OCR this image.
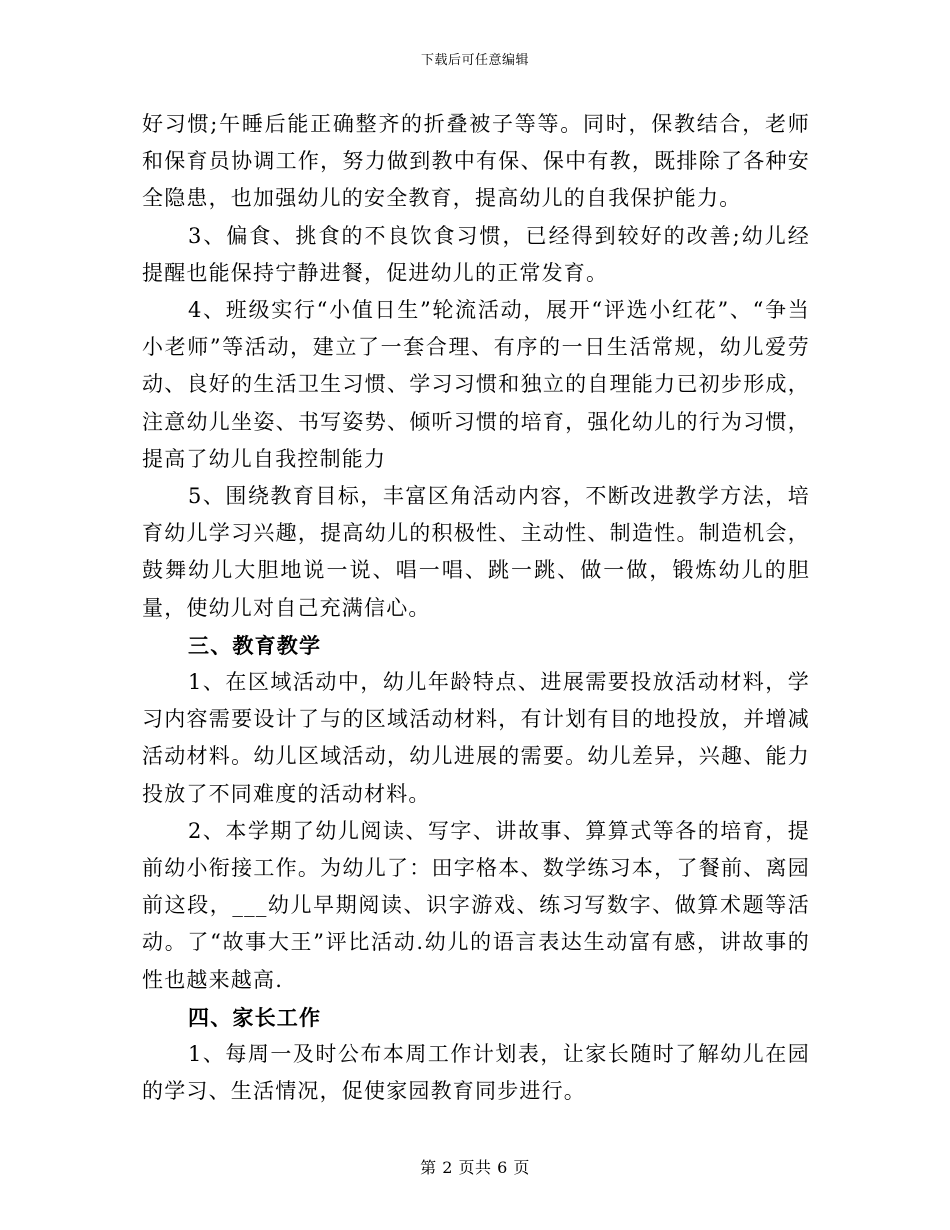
下载后可任意编辑

好习惯;午睡后能正确整齐的折叠被子等等。同时，保教结合，老师和保育员协调工作，努力做到教中有保、保中有教，既排除了各种安全隐患，也加强幼儿的安全教育，提高幼儿的自我保护能力。

3、偏食、挑食的不良饮食习惯，已经得到较好的改善;幼儿经提醒也能保持宁静进餐，促进幼儿的正常发育。

4、班级实行“小值日生”轮流活动，展开“评选小红花”、“争当小老师”等活动，建立了一套合理、有序的一日生活常规，幼儿爱劳动、良好的生活卫生习惯、学习习惯和独立的自理能力已初步形成，注意幼儿坐姿、书写姿势、倾听习惯的培育，强化幼儿的行为习惯，提高了幼儿自我控制能力

5、围绕教育目标，丰富区角活动内容，不断改进教学方法，培育幼儿学习兴趣，提高幼儿的积极性、主动性、制造性。制造机会，鼓舞幼儿大胆地说一说、唱一唱、跳一跳、做一做，锻炼幼儿的胆量，使幼儿对自己充满信心。

三、教育教学

1、在区域活动中，幼儿年龄特点、进展需要投放活动材料，学习内容需要设计了与的区域活动材料，有计划有目的地投放，并增减活动材料。幼儿区域活动，幼儿进展的需要。幼儿差异，兴趣、能力投放了不同难度的活动材料。

2、本学期了幼儿阅读、写字、讲故事、算算式等各的培育，提前幼小衔接工作。为幼儿了：田字格本、数学练习本，了餐前、离园前这段，___幼儿早期阅读、识字游戏、练习写数字、做算术题等活动。了“故事大王”评比活动.幼儿的语言表达生动富有感，讲故事的性也越来越高.

四、家长工作

1、每周一及时公布本周工作计划表，让家长随时了解幼儿在园的学习、生活情况，促使家园教育同步进行。

第 2 页共 6 页
